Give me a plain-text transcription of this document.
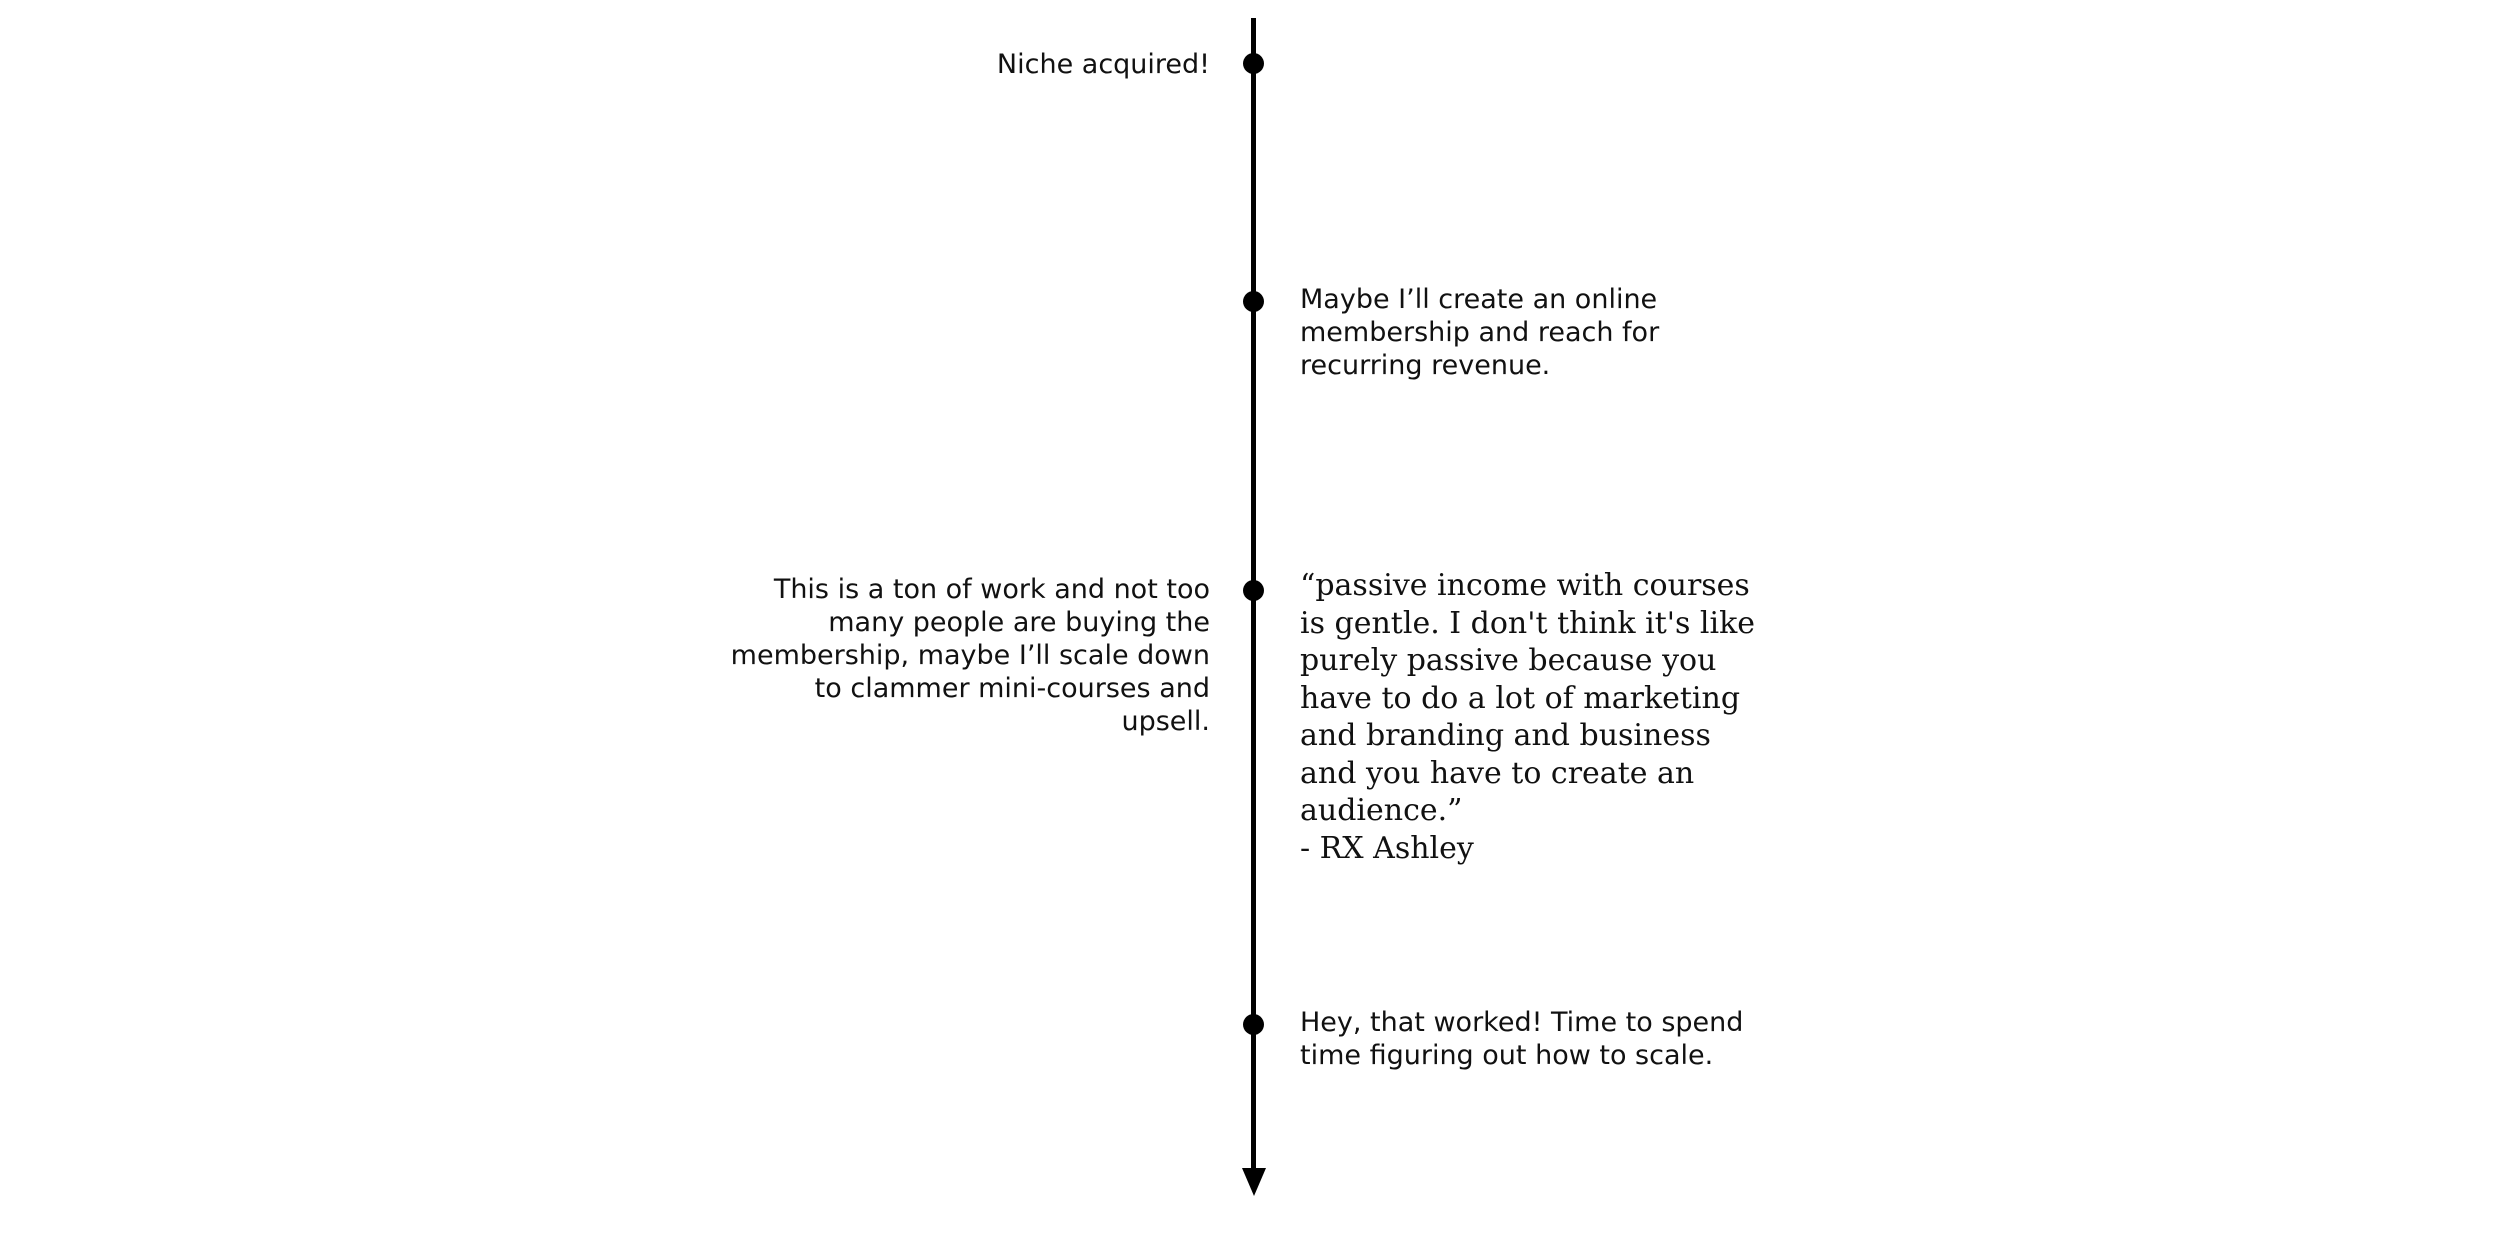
Niche acquired!
Maybe I’ll create an online
membership and reach for
recurring revenue.
This is a ton of work and not too
many people are buying the
membership, maybe I’ll scale down
to clammer mini-courses and
upsell.
“passive income with courses is gentle. I don't think it's like purely passive because you have to do a lot of marketing and branding and business and you have to create an audience.”
- RX Ashley
Hey, that worked! Time to spend
time figuring out how to scale.
